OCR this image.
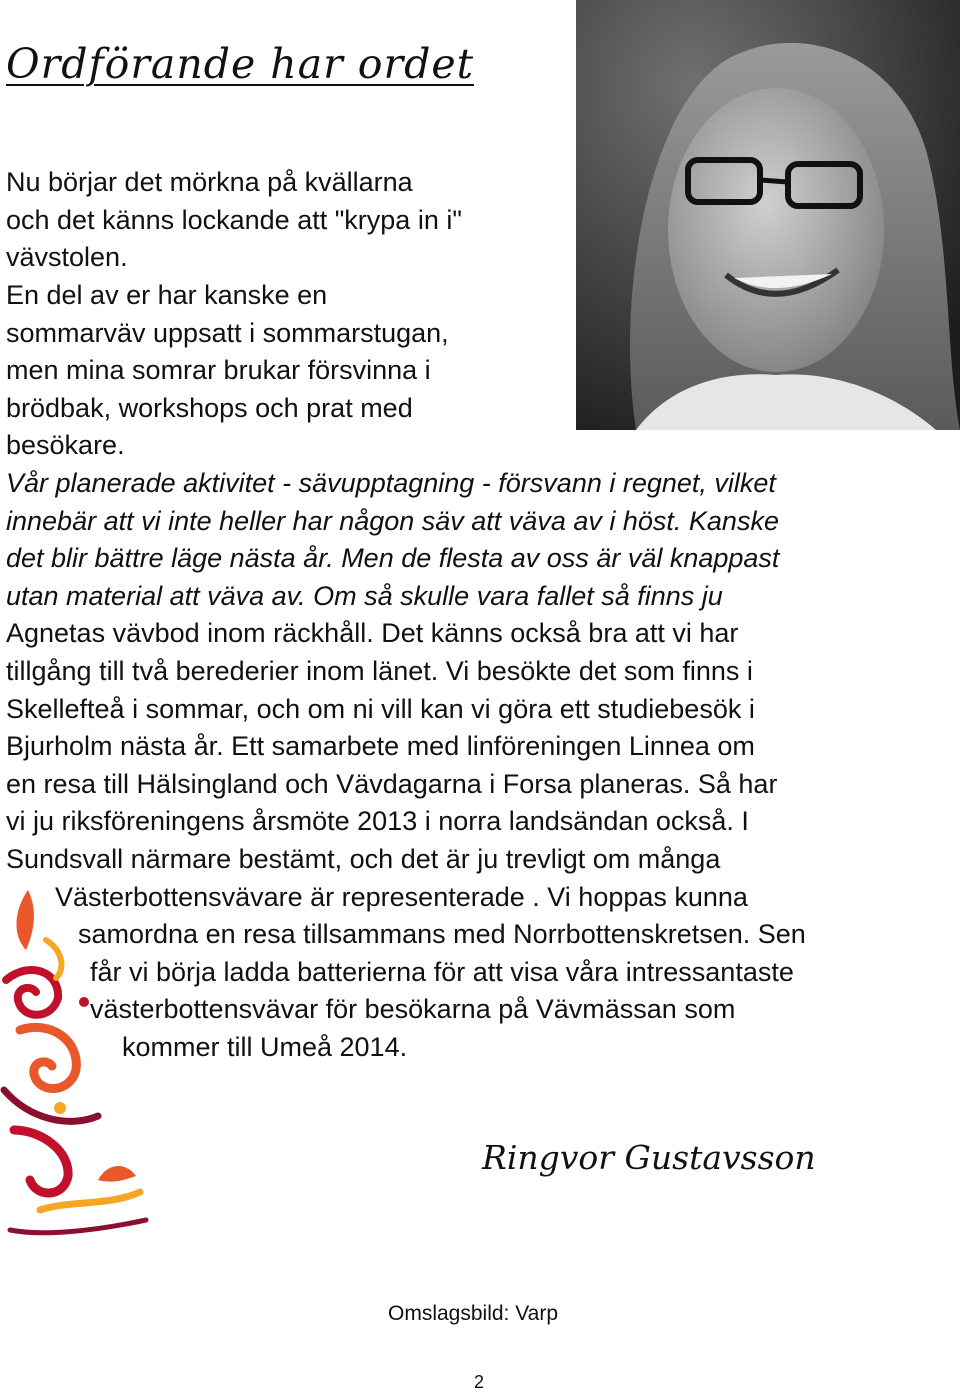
Ordförande har ordet
Nu börjar det mörkna på kvällarna
och det känns lockande att "krypa in i"
vävstolen.
En del av er har kanske en
sommarväv uppsatt i sommarstugan,
men mina somrar brukar försvinna i
brödbak, workshops och prat med
besökare.
Vår planerade aktivitet - sävupptagning - försvann i regnet, vilket
innebär att vi inte heller har någon säv att väva av i höst. Kanske
det blir bättre läge nästa år. Men de flesta av oss är väl knappast
utan material att väva av. Om så skulle vara fallet så finns ju
Agnetas vävbod inom räckhåll. Det känns också bra att vi har
tillgång till två berederier inom länet. Vi besökte det som finns i
Skellefteå i sommar, och om ni vill kan vi göra ett studiebesök i
Bjurholm nästa år. Ett samarbete med linföreningen Linnea om
en resa till Hälsingland och Vävdagarna i Forsa planeras. Så har
vi ju riksföreningens årsmöte 2013 i norra landsändan också. I
Sundsvall närmare bestämt, och det är ju trevligt om många
Västerbottensvävare är representerade . Vi hoppas kunna
samordna en resa tillsammans med Norrbottenskretsen. Sen
får vi börja ladda batterierna för att visa våra intressantaste
västerbottensvävar för besökarna på Vävmässan som
kommer till Umeå 2014.
Ringvor Gustavsson
Omslagsbild: Varp
2
